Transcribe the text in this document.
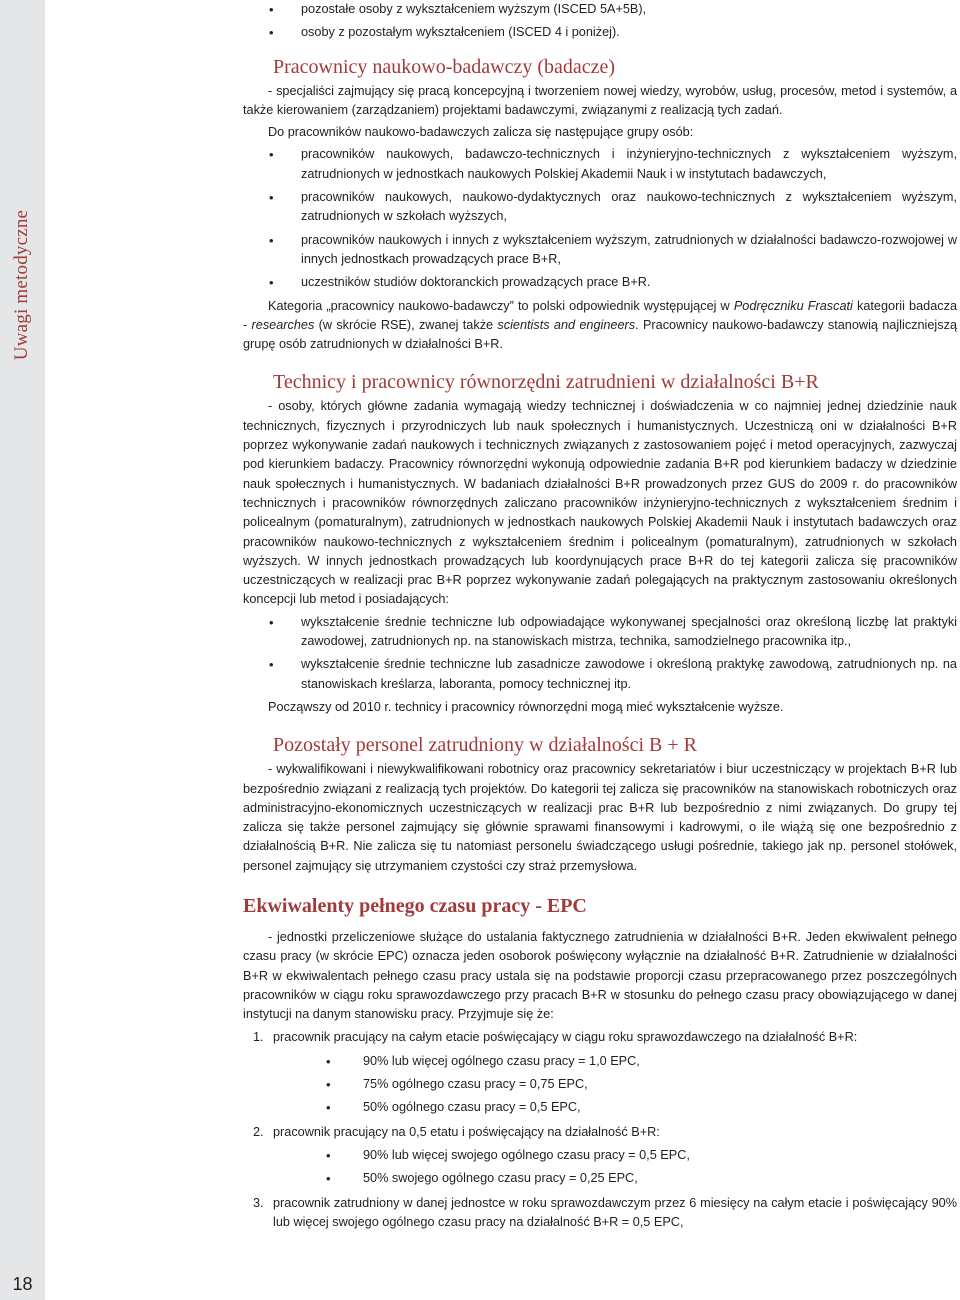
Uwagi metodyczne
18
• pozostałe osoby z wykształceniem wyższym (ISCED 5A+5B),
• osoby z pozostałym wykształceniem (ISCED 4 i poniżej).
Pracownicy naukowo-badawczy (badacze)

- specjaliści zajmujący się pracą koncepcyjną i tworzeniem nowej wiedzy, wyrobów, usług, procesów, metod i systemów, a także kierowaniem (zarządzaniem) projektami badawczymi, związanymi z realizacją tych zadań.

Do pracowników naukowo-badawczych zalicza się następujące grupy osób:

• pracowników naukowych, badawczo-technicznych i inżynieryjno-technicznych z wykształceniem wyższym, zatrudnionych w jednostkach naukowych Polskiej Akademii Nauk i w instytutach badawczych,
• pracowników naukowych, naukowo-dydaktycznych oraz naukowo-technicznych z wykształceniem wyższym, zatrudnionych w szkołach wyższych,
• pracowników naukowych i innych z wykształceniem wyższym, zatrudnionych w działalności badawczo-rozwojowej w innych jednostkach prowadzących prace B+R,
• uczestników studiów doktoranckich prowadzących prace B+R.

Kategoria „pracownicy naukowo-badawczy” to polski odpowiednik występującej w Podręczniku Frascati kategorii badacza - researches (w skrócie RSE), zwanej także scientists and engineers. Pracownicy naukowo-badawczy stanowią najliczniejszą grupę osób zatrudnionych w działalności B+R.

Technicy i pracownicy równorzędni zatrudnieni w działalności B+R

- osoby, których główne zadania wymagają wiedzy technicznej i doświadczenia w co najmniej jednej dziedzinie nauk technicznych, fizycznych i przyrodniczych lub nauk społecznych i humanistycznych. Uczestniczą oni w działalności B+R poprzez wykonywanie zadań naukowych i technicznych związanych z zastosowaniem pojęć i metod operacyjnych, zazwyczaj pod kierunkiem badaczy. Pracownicy równorzędni wykonują odpowiednie zadania B+R pod kierunkiem badaczy w dziedzinie nauk społecznych i humanistycznych. W badaniach działalności B+R prowadzonych przez GUS do 2009 r. do pracowników technicznych i pracowników równorzędnych zaliczano pracowników inżynieryjno-technicznych z wykształceniem średnim i policealnym (pomaturalnym), zatrudnionych w jednostkach naukowych Polskiej Akademii Nauk i instytutach badawczych oraz pracowników naukowo-technicznych z wykształceniem średnim i policealnym (pomaturalnym), zatrudnionych w szkołach wyższych. W innych jednostkach prowadzących lub koordynujących prace B+R do tej kategorii zalicza się pracowników uczestniczących w realizacji prac B+R poprzez wykonywanie zadań polegających na praktycznym zastosowaniu określonych koncepcji lub metod i posiadających:

• wykształcenie średnie techniczne lub odpowiadające wykonywanej specjalności oraz określoną liczbę lat praktyki zawodowej, zatrudnionych np. na stanowiskach mistrza, technika, samodzielnego pracownika itp.,
• wykształcenie średnie techniczne lub zasadnicze zawodowe i określoną praktykę zawodową, zatrudnionych np. na stanowiskach kreślarza, laboranta, pomocy technicznej itp.

Począwszy od 2010 r. technicy i pracownicy równorzędni mogą mieć wykształcenie wyższe.

Pozostały personel zatrudniony w działalności B + R

- wykwalifikowani i niewykwalifikowani robotnicy oraz pracownicy sekretariatów i biur uczestniczący w projektach B+R lub bezpośrednio związani z realizacją tych projektów. Do kategorii tej zalicza się pracowników na stanowiskach robotniczych oraz administracyjno-ekonomicznych uczestniczących w realizacji prac B+R lub bezpośrednio z nimi związanych. Do grupy tej zalicza się także personel zajmujący się głównie sprawami finansowymi i kadrowymi, o ile wiążą się one bezpośrednio z działalnością B+R. Nie zalicza się tu natomiast personelu świadczącego usługi pośrednie, takiego jak np. personel stołówek, personel zajmujący się utrzymaniem czystości czy straż przemysłowa.

Ekwiwalenty pełnego czasu pracy - EPC

- jednostki przeliczeniowe służące do ustalania faktycznego zatrudnienia w działalności B+R. Jeden ekwiwalent pełnego czasu pracy (w skrócie EPC) oznacza jeden osoborok poświęcony wyłącznie na działalność B+R. Zatrudnienie w działalności B+R w ekwiwalentach pełnego czasu pracy ustala się na podstawie proporcji czasu przepracowanego przez poszczególnych pracowników w ciągu roku sprawozdawczego przy pracach B+R w stosunku do pełnego czasu pracy obowiązującego w danej instytucji na danym stanowisku pracy. Przyjmuje się że:

1. pracownik pracujący na całym etacie poświęcający w ciągu roku sprawozdawczego na działalność B+R:
•	90% lub więcej ogólnego czasu pracy = 1,0 EPC,
•	75% ogólnego czasu pracy = 0,75 EPC,
•	50% ogólnego czasu pracy = 0,5 EPC,
2. pracownik pracujący na 0,5 etatu i poświęcający na działalność B+R:
•	90% lub więcej swojego ogólnego czasu pracy = 0,5 EPC,
•	50% swojego ogólnego czasu pracy = 0,25 EPC,
3. pracownik zatrudniony w danej jednostce w roku sprawozdawczym przez 6 miesięcy na całym etacie i poświęcający 90% lub więcej swojego ogólnego czasu pracy na działalność B+R = 0,5 EPC,
